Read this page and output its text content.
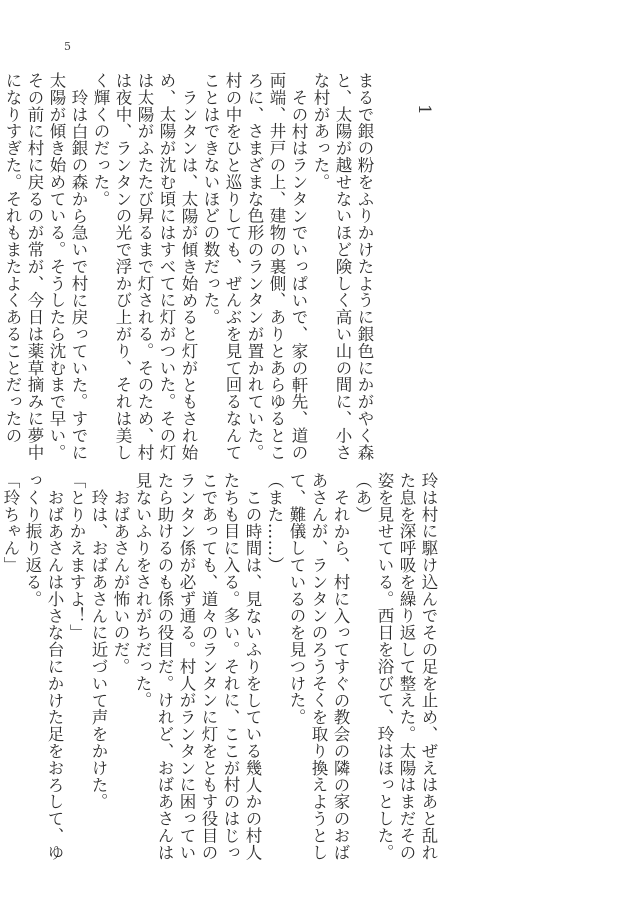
5
1

まるで銀の粉をふりかけたように銀色にかがやく森と、太陽が越せないほど険しく高い山の間に、小さな村があった。

その村はランタンでいっぱいで、家の軒先、道の両端、井戸の上、建物の裏側、ありとあらゆるところに、さまざまな色形のランタンが置かれていた。村の中をひと巡りしても、ぜんぶを見て回るなんてことはできないほどの数だった。

ランタンは、太陽が傾き始めると灯がともされ始め、太陽が沈む頃にはすべてに灯がついた。その灯は太陽がふたたび昇るまで灯される。そのため、村は夜中、ランタンの光で浮かび上がり、それは美しく輝くのだった。

玲は白銀の森から急いで村に戻っていた。すでに太陽が傾き始めている。そうしたら沈むまで早い。その前に村に戻るのが常が、今日は薬草摘みに夢中になりすぎた。それもまたよくあることだったの

玲は村に駆け込んでその足を止め、ぜえはあと乱れた息を深呼吸を繰り返して整えた。太陽はまだその姿を見せている。西日を浴びて、玲はほっとした。

（あ）

それから、村に入ってすぐの教会の隣の家のおばあさんが、ランタンのろうそくを取り換えようとして、難儀しているのを見つけた。

（また……）

この時間は、見ないふりをしている幾人かの村人たちも目に入る。多い。それに、ここが村のはじっこであっても、道々のランタンに灯をともす役目のランタン係が必ず通る。村人がランタンに困っていたら助けるのも係の役目だ。けれど、おばあさんは見ないふりをされがちだった。

おばあさんが怖いのだ。

玲は、おばあさんに近づいて声をかけた。

「とりかえますよ！」

おばあさんは小さな台にかけた足をおろして、ゆっくり振り返る。

「玲ちゃん」
